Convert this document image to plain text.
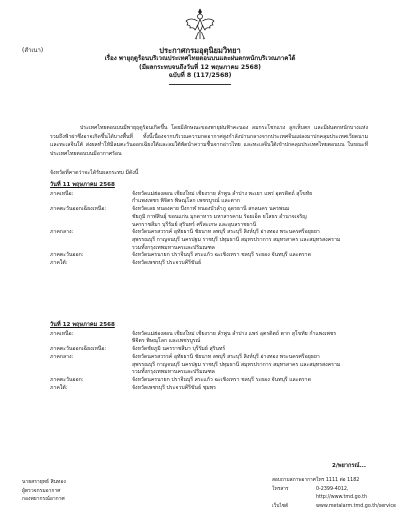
(สำเนา)	ประกาศกรมอุตุนิยมวิทยา
เรื่อง พายุฤดูร้อนบริเวณประเทศไทยตอนบนและฝนตกหนักบริเวณภาคใต้
(มีผลกระทบจนถึงวันที่ 12 พฤษภาคม 2568)
ฉบับที่ 8 (117/2568)

ประเทศไทยตอนบนมีพายุฤดูร้อนเกิดขึ้น โดยมีลักษณะของพายุฝนฟ้าคะนอง ลมกระโชกแรง ลูกเห็บตก และมีฝนตกหนักบางแห่ง รวมถึงฟ้าผ่าซึ่งอาจเกิดขึ้นได้บางพื้นที่ ทั้งนี้เนื่องจากบริเวณความกดอากาศสูงกำลังปานกลางจากประเทศจีนแผ่ลงมาปกคลุมประเทศเวียดนามและทะเลจีนใต้ ส่งผลทำให้มีลมตะวันออกเฉียงใต้และลมใต้พัดนำความชื้นจากอ่าวไทย และทะเลจีนใต้เข้าปกคลุมประเทศไทยตอนบน ในขณะที่ประเทศไทยตอนบนมีอากาศร้อน

จังหวัดที่คาดว่าจะได้รับผลกระทบ มีดังนี้
วันที่ 11 พฤษภาคม 2568
ภาคเหนือ:	จังหวัดแม่ฮ่องสอน เชียงใหม่ เชียงราย ลำพูน ลำปาง พะเยา แพร่ อุตรดิตถ์ สุโขทัย
กำแพงเพชร พิจิตร พิษณุโลก เพชรบูรณ์ และตาก
ภาคตะวันออกเฉียงเหนือ:	จังหวัดเลย หนองคาย บึงกาฬ หนองบัวลำภู อุดรธานี สกลนคร นครพนม
ชัยภูมิ กาฬสินธุ์ ขอนแก่น มุกดาหาร มหาสารคาม ร้อยเอ็ด ยโสธร อำนาจเจริญ
นครราชสีมา บุรีรัมย์ สุรินทร์ ศรีสะเกษ และอุบลราชธานี
ภาคกลาง:	จังหวัดนครสวรรค์ อุทัยธานี ชัยนาท ลพบุรี สระบุรี สิงห์บุรี อ่างทอง พระนครศรีอยุธยา
สุพรรณบุรี กาญจนบุรี นครปฐม ราชบุรี ปทุมธานี สมุทรปราการ สมุทรสาคร และสมุทรสงคราม
รวมทั้งกรุงเทพมหานครและปริมณฑล
ภาคตะวันออก:	จังหวัดนครนายก ปราจีนบุรี สระแก้ว ฉะเชิงเทรา ชลบุรี ระยอง จันทบุรี และตราด
ภาคใต้:	จังหวัดเพชรบุรี ประจวบคีรีขันธ์
วันที่ 12 พฤษภาคม 2568
ภาคเหนือ:	จังหวัดแม่ฮ่องสอน เชียงใหม่ เชียงราย ลำพูน ลำปาง แพร่ อุตรดิตถ์ ตาก สุโขทัย กำแพงเพชร
พิจิตร พิษณุโลก และเพชรบูรณ์
ภาคตะวันออกเฉียงเหนือ:	จังหวัดชัยภูมิ นครราชสีมา บุรีรัมย์ สุรินทร์
ภาคกลาง:	จังหวัดนครสวรรค์ อุทัยธานี ชัยนาท ลพบุรี สระบุรี สิงห์บุรี อ่างทอง พระนครศรีอยุธยา
สุพรรณบุรี กาญจนบุรี นครปฐม ราชบุรี ปทุมธานี สมุทรปราการ สมุทรสาคร และสมุทรสงคราม
รวมทั้งกรุงเทพมหานครและปริมณฑล
ภาคตะวันออก:	จังหวัดนครนายก ปราจีนบุรี สระแก้ว ฉะเชิงเทรา ชลบุรี ระยอง จันทบุรี และตราด
ภาคใต้:	จังหวัดเพชรบุรี ประจวบคีรีขันธ์ ชุมพร
2/พยากรณ์...
นายสรายุทธ์ สินทอง
ผู้ตรวจกรมอากาศ
กองพยากรณ์อากาศ
สอบถามสภาพอากาศ โทร 1111 ต่อ 1182
โทรสาร	0-2399-4012, http://www.tmd.go.th
เว็บไซต์	www.metalarm.tmd.go.th/service
